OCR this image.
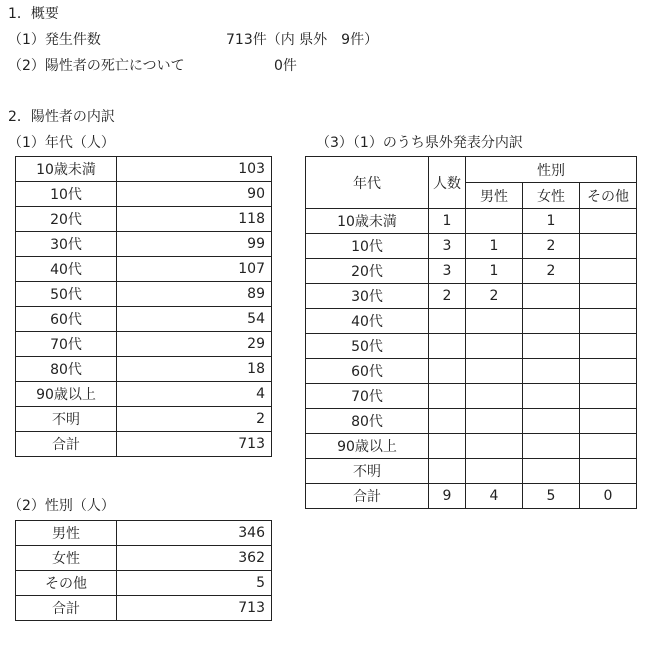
1．概要
（1）発生件数	713件（内 県外　9件）
（2）陽性者の死亡について	0件
2．陽性者の内訳
（1）年代（人）
10歳未満	103
10代	90
20代	118
30代	99
40代	107
50代	89
60代	54
70代	29
80代	18
90歳以上	4
不明	2
合計	713
（2）性別（人）
男性	346
女性	362
その他	5
合計	713
（3）（1）のうち県外発表分内訳
年代	人数	性別		
		男性	女性	その他
10歳未満	1		1	
10代	3	1	2	
20代	3	1	2	
30代	2	2		
40代				
50代				
60代				
70代				
80代				
90歳以上				
不明				
合計	9	4	5	0
